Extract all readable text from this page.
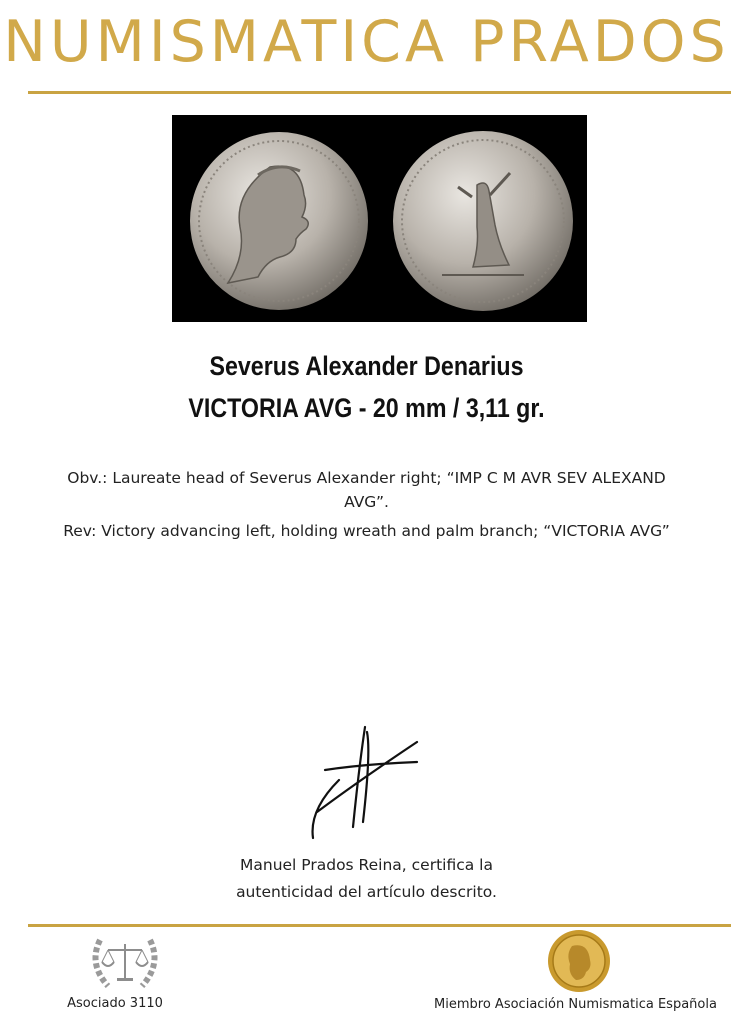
NUMISMATICA PRADOS
Severus Alexander Denarius
VICTORIA AVG - 20 mm / 3,11 gr.
Obv.: Laureate head of Severus Alexander right; “IMP C M AVR SEV ALEXAND AVG”.
Rev: Victory advancing left, holding wreath and palm branch; “VICTORIA AVG”
Manuel Prados Reina, certifica la
autenticidad del artículo descrito.
Asociado 3110	Miembro Asociación Numismatica Española
